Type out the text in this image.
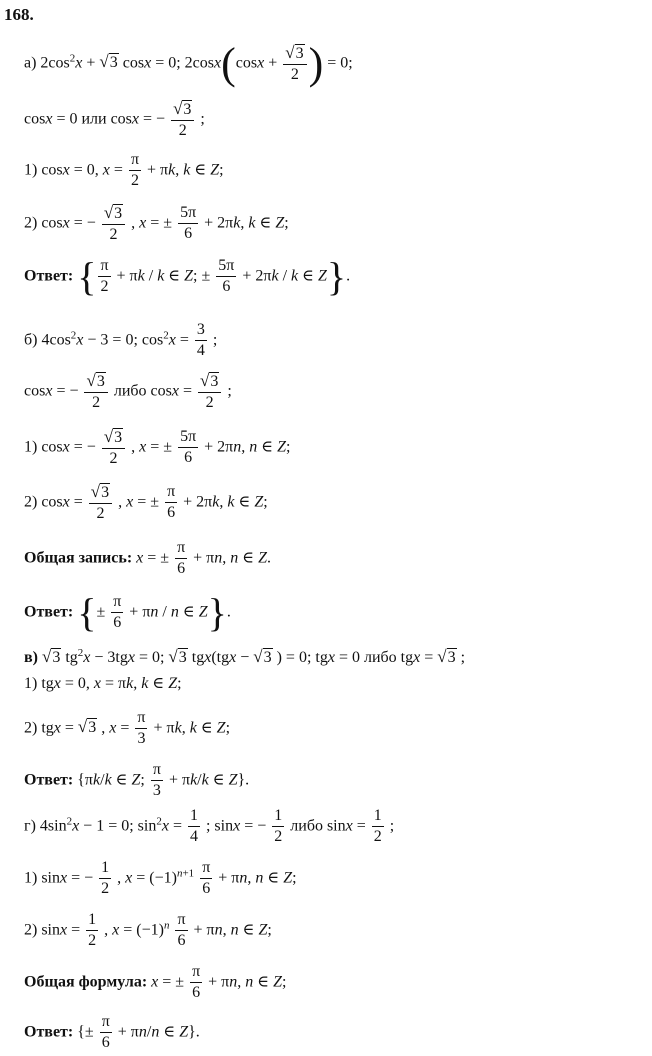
168.
a) $2\cos^2x + √3$ cosx = 0; $2\cos x(\cos x + \frac{√3}{2}$ ) = 0;
cosx = 0 или cosx = − $\frac{√3}{2}$ ;
1) cosx = 0, $x = \frac{\pi}{2} + \pi k$, k ∈ Z;
2) cosx = − $\frac{√3}{2}$ , x = ± $\frac{5\pi}{6} + 2\pi k$, k ∈ Z;
Ответ: { $\frac{\pi}{2} + \pi k / k$ ∈ Z; ± $\frac{5\pi}{6} + 2\pi k / k$ ∈ Z}.
б) $4\cos^2x - 3 = 0$; $\cos^2x = \frac{3}{4}$ ;
cosx = − $\frac{√3}{2}$ либо $\cos x = \frac{√3}{2}$ ;
1) cosx = − $\frac{√3}{2}$ , x = ± $\frac{5\pi}{6} + 2\pi n$, n ∈ Z;
2) $\cos x = \frac{√3}{2}$ , x = ± $\frac{\pi}{6} + 2\pi k$, k ∈ Z;
Общая запись: x = ± $\frac{\pi}{6} + \pi n$, n ∈ Z.
Ответ: {± $\frac{\pi}{6} + \pi n / n$ ∈ Z}.
в) √3 $tg^2x - 3tgx = 0$; √3 tgx(tgx − √3 ) = 0; tgx = 0 либо tgx = √3 ;
1) tgx = 0, x = πk, k ∈ Z;
2) tgx = √3 , $x = \frac{\pi}{3} + \pi k$, k ∈ Z;
Ответ: {πk/k ∈ Z; $\frac{\pi}{3} + \pi k/k$ ∈ Z}.
г) $4\sin^2x - 1 = 0$; $\sin^2x = \frac{1}{4}$ ; sinx = − $\frac{1}{2}$ либо $\sin x = \frac{1}{2}$ ;
1) sinx = − $\frac{1}{2}$ , $x = (-1)^{n+1} \frac{\pi}{6} + \pi n$, n ∈ Z;
2) $\sin x = \frac{1}{2}$ , $x = (-1)^n \frac{\pi}{6} + \pi n$, n ∈ Z;
Общая формула: x = ± $\frac{\pi}{6} + \pi n$, n ∈ Z;
Ответ: {± $\frac{\pi}{6} + \pi n/n$ ∈ Z}.
